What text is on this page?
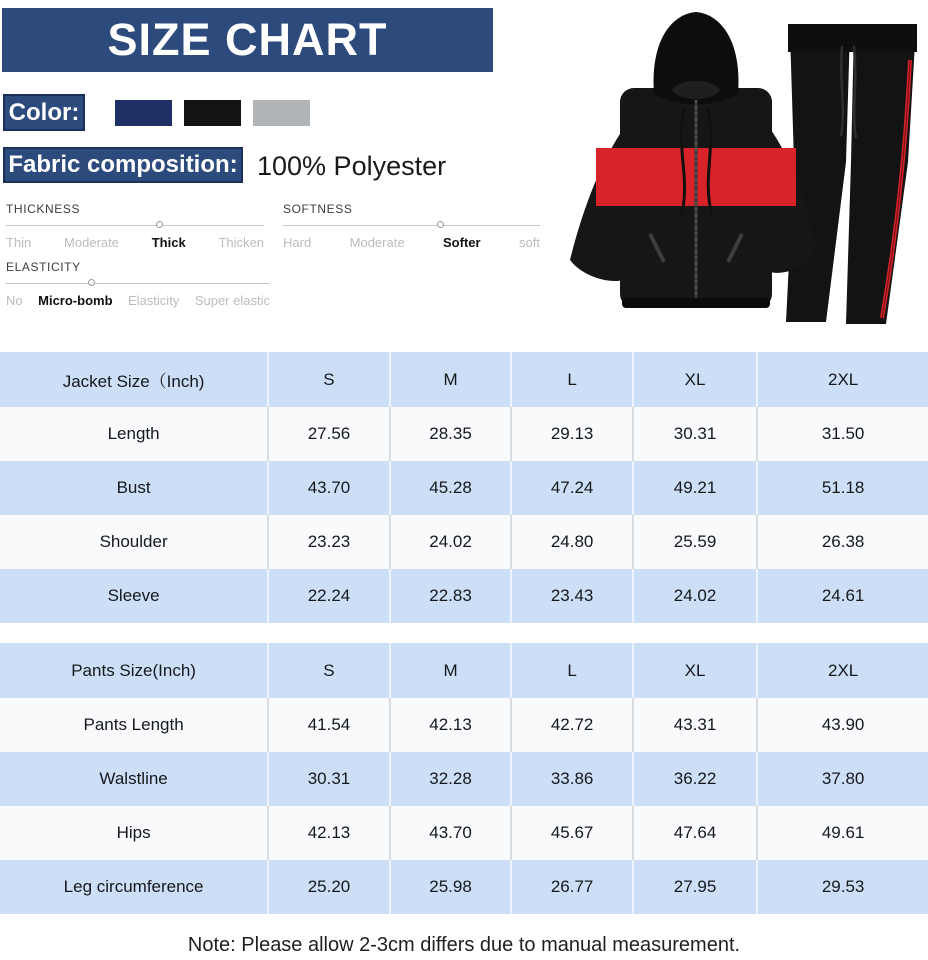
SIZE CHART
Color:
Fabric composition: 100% Polyester
THICKNESS
Thin	Moderate	Thick	Thicken
SOFTNESS
Hard	Moderate	Softer	soft
ELASTICITY
No Micro-bomb Elasticity Super elastic
Jacket Size（Inch)	S	M	L	XL	2XL
Length	27.56	28.35	29.13	30.31	31.50
Bust	43.70	45.28	47.24	49.21	51.18
Shoulder	23.23	24.02	24.80	25.59	26.38
Sleeve	22.24	22.83	23.43	24.02	24.61
Pants Size(Inch)	S	M	L	XL	2XL
Pants Length	41.54	42.13	42.72	43.31	43.90
Walstline	30.31	32.28	33.86	36.22	37.80
Hips	42.13	43.70	45.67	47.64	49.61
Leg circumference	25.20	25.98	26.77	27.95	29.53
Note: Please allow 2-3cm differs due to manual measurement.
